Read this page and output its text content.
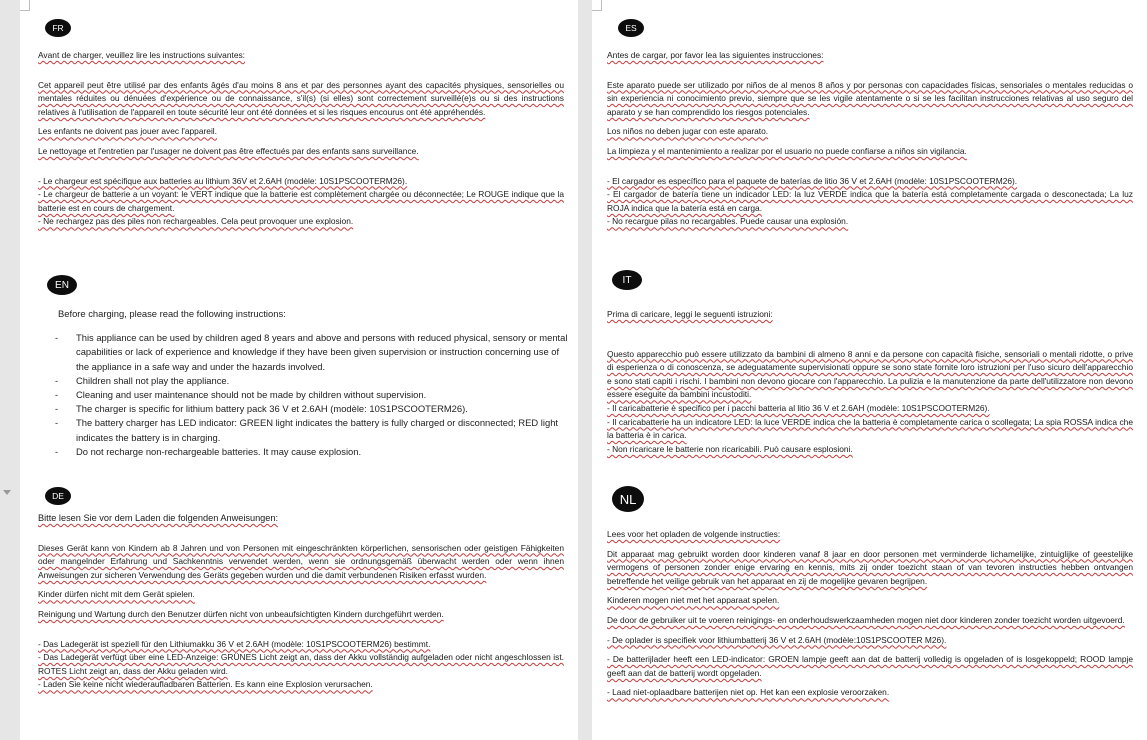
FR

Avant de charger, veuillez lire les instructions suivantes:

Cet appareil peut être utilisé par des enfants âgés d'au moins 8 ans et par des personnes ayant des capacités physiques, sensorielles ou mentales réduites ou dénuées d'expérience ou de connaissance, s'il(s) (si elles) sont correctement surveillé(e)s ou si des instructions relatives à l'utilisation de l'appareil en toute sécurité leur ont été données et si les risques encourus ont été appréhendés.

Les enfants ne doivent pas jouer avec l'appareil.

Le nettoyage et l'entretien par l'usager ne doivent pas être effectués par des enfants sans surveillance.

- Le chargeur est spécifique aux batteries au lithium 36V et 2.6AH (modèle: 10S1PSCOOTERM26).

- Le chargeur de batterie a un voyant: le VERT indique que la batterie est complètement chargée ou déconnectée; Le ROUGE indique que la batterie est en cours de chargement.

- Ne rechargez pas des piles non rechargeables. Cela peut provoquer une explosion.

EN

Before charging, please read the following instructions:

- This appliance can be used by children aged 8 years and above and persons with reduced physical, sensory or mental capabilities or lack of experience and knowledge if they have been given supervision or instruction concerning use of the appliance in a safe way and under the hazards involved.
- Children shall not play the appliance.
- Cleaning and user maintenance should not be made by children without supervision.
- The charger is specific for lithium battery pack 36 V et 2.6AH (modèle: 10S1PSCOOTERM26).
- The battery charger has LED indicator: GREEN light indicates the battery is fully charged or disconnected; RED light indicates the battery is in charging.
- Do not recharge non-rechargeable batteries. It may cause explosion.
DE

Bitte lesen Sie vor dem Laden die folgenden Anweisungen:

Dieses Gerät kann von Kindern ab 8 Jahren und von Personen mit eingeschränkten körperlichen, sensorischen oder geistigen Fähigkeiten oder mangelnder Erfahrung und Sachkenntnis verwendet werden, wenn sie ordnungsgemäß überwacht werden oder wenn ihnen Anweisungen zur sicheren Verwendung des Geräts gegeben wurden und die damit verbundenen Risiken erfasst wurden.

Kinder dürfen nicht mit dem Gerät spielen.

Reinigung und Wartung durch den Benutzer dürfen nicht von unbeaufsichtigten Kindern durchgeführt werden.

- Das Ladegerät ist speziell für den Lithiumakku 36 V et 2.6AH (modèle: 10S1PSCOOTERM26) bestimmt.

- Das Ladegerät verfügt über eine LED-Anzeige: GRÜNES Licht zeigt an, dass der Akku vollständig aufgeladen oder nicht angeschlossen ist. ROTES Licht zeigt an, dass der Akku geladen wird.

- Laden Sie keine nicht wiederaufladbaren Batterien. Es kann eine Explosion verursachen.

ES

Antes de cargar, por favor lea las siguientes instrucciones:

Este aparato puede ser utilizado por niños de al menos 8 años y por personas con capacidades físicas, sensoriales o mentales reducidas o sin experiencia ni conocimiento previo, siempre que se les vigile atentamente o si se les facilitan instrucciones relativas al uso seguro del aparato y se han comprendido los riesgos potenciales.

Los niños no deben jugar con este aparato.

La limpieza y el mantenimiento a realizar por el usuario no puede confiarse a niños sin vigilancia.

- El cargador es específico para el paquete de baterías de litio 36 V et 2.6AH (modèle: 10S1PSCOOTERM26).

- El cargador de batería tiene un indicador LED: la luz VERDE indica que la batería está completamente cargada o desconectada; La luz ROJA indica que la batería está en carga.

- No recargue pilas no recargables. Puede causar una explosión.

IT

Prima di caricare, leggi le seguenti istruzioni:

Questo apparecchio può essere utilizzato da bambini di almeno 8 anni e da persone con capacità fisiche, sensoriali o mentali ridotte, o prive di esperienza o di conoscenza, se adeguatamente supervisionati oppure se sono state fornite loro istruzioni per l'uso sicuro dell'apparecchio e sono stati capiti i rischi. I bambini non devono giocare con l'apparecchio. La pulizia e la manutenzione da parte dell'utilizzatore non devono essere eseguite da bambini incustoditi.

- Il caricabatterie è specifico per i pacchi batteria al litio 36 V et 2.6AH (modèle: 10S1PSCOOTERM26).

- Il caricabatterie ha un indicatore LED: la luce VERDE indica che la batteria è completamente carica o scollegata; La spia ROSSA indica che la batteria è in carica.

- Non ricaricare le batterie non ricaricabili. Può causare esplosioni.

NL

Lees voor het opladen de volgende instructies:

Dit apparaat mag gebruikt worden door kinderen vanaf 8 jaar en door personen met verminderde lichamelijke, zintuiglijke of geestelijke vermogens of personen zonder enige ervaring en kennis, mits zij onder toezicht staan of van tevoren instructies hebben ontvangen betreffende het veilige gebruik van het apparaat en zij de mogelijke gevaren begrijpen.

Kinderen mogen niet met het apparaat spelen.

De door de gebruiker uit te voeren reinigings- en onderhoudswerkzaamheden mogen niet door kinderen zonder toezicht worden uitgevoerd.

- De oplader is specifiek voor lithiumbatterij 36 V et 2.6AH (modèle:10S1PSCOOTER M26).

- De batterijlader heeft een LED-indicator: GROEN lampje geeft aan dat de batterij volledig is opgeladen of is losgekoppeld; ROOD lampje geeft aan dat de batterij wordt opgeladen.

- Laad niet-oplaadbare batterijen niet op. Het kan een explosie veroorzaken.
